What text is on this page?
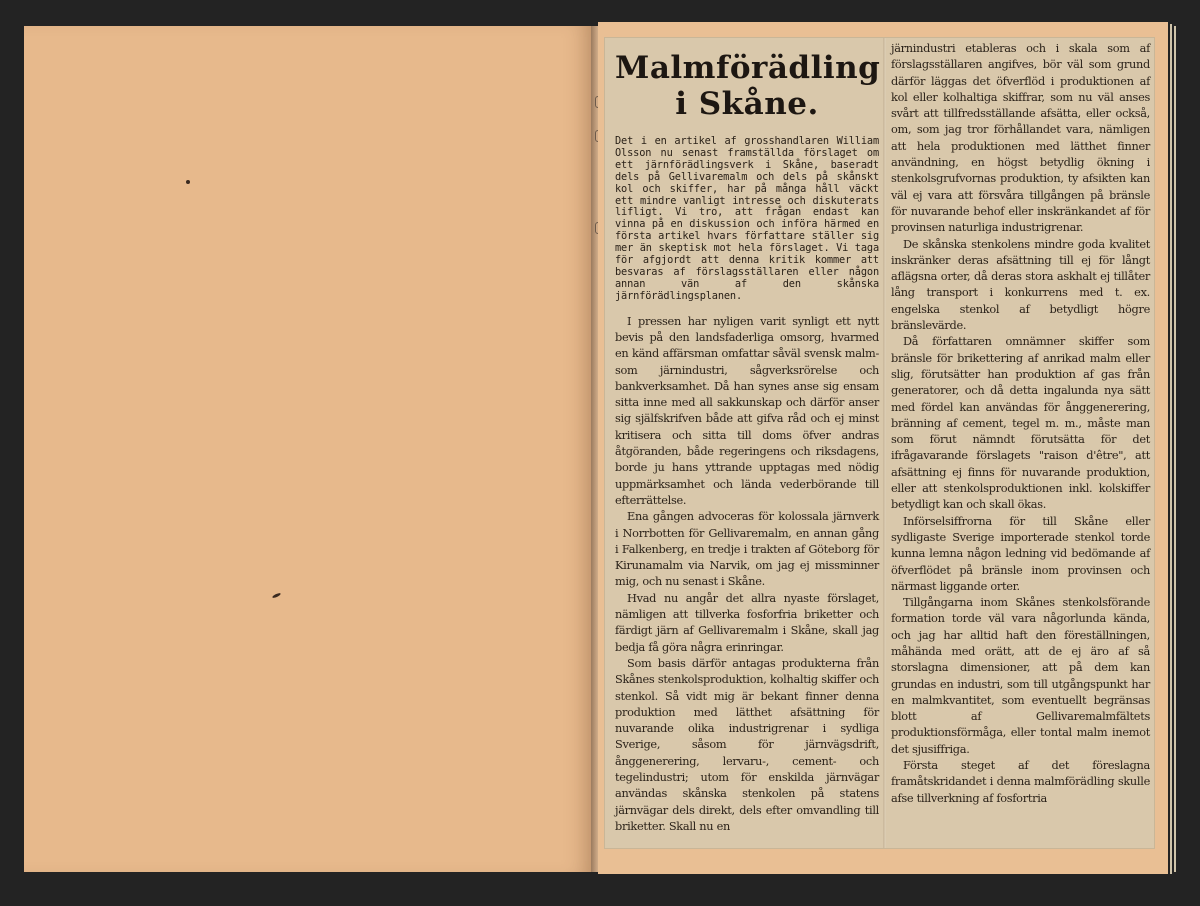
Malmförädling
i Skåne.

Det i en artikel af grosshandlaren William Olsson nu senast framställda förslaget om ett järnförädlingsverk i Skåne, baseradt dels på Gellivaremalm och dels på skånskt kol och skiffer, har på många håll väckt ett mindre vanligt intresse och diskuterats lifligt. Vi tro, att frågan endast kan vinna på en diskussion och införa härmed en första artikel hvars författare ställer sig mer än skeptisk mot hela förslaget. Vi taga för afgjordt att denna kritik kommer att besvaras af förslagsställaren eller någon annan vän af den skånska järnförädlingsplanen.

I pressen har nyligen varit synligt ett nytt bevis på den landsfaderliga omsorg, hvarmed en känd affärsman omfattar såväl svensk malm- som järnindustri, sågverksrörelse och bankverksamhet. Då han synes anse sig ensam sitta inne med all sakkunskap och därför anser sig själfskrifven både att gifva råd och ej minst kritisera och sitta till doms öfver andras åtgöranden, både regeringens och riksdagens, borde ju hans yttrande upptagas med nödig uppmärksamhet och lända vederbörande till efterrättelse.

Ena gången advoceras för kolossala järnverk i Norrbotten för Gellivaremalm, en annan gång i Falkenberg, en tredje i trakten af Göteborg för Kirunamalm via Narvik, om jag ej missminner mig, och nu senast i Skåne.

Hvad nu angår det allra nyaste förslaget, nämligen att tillverka fosforfria briketter och färdigt järn af Gellivaremalm i Skåne, skall jag bedja få göra några erinringar.

Som basis därför antagas produkterna från Skånes stenkolsproduktion, kolhaltig skiffer och stenkol. Så vidt mig är bekant finner denna produktion med lätthet afsättning för nuvarande olika industrigrenar i sydliga Sverige, såsom för järnvägsdrift, ånggenerering, lervaru-, cement- och tegelindustri; utom för enskilda järnvägar användas skånska stenkolen på statens järnvägar dels direkt, dels efter omvandling till briketter. Skall nu en

järnindustri etableras och i skala som af förslagsställaren angifves, bör väl som grund därför läggas det öfverflöd i produktionen af kol eller kolhaltiga skiffrar, som nu väl anses svårt att tillfredsställande afsätta, eller också, om, som jag tror förhållandet vara, nämligen att hela produktionen med lätthet finner användning, en högst betydlig ökning i stenkolsgrufvornas produktion, ty afsikten kan väl ej vara att försvåra tillgången på bränsle för nuvarande behof eller inskränkandet af för provinsen naturliga industrigrenar.

De skånska stenkolens mindre goda kvalitet inskränker deras afsättning till ej för långt aflägsna orter, då deras stora askhalt ej tillåter lång transport i konkurrens med t. ex. engelska stenkol af betydligt högre bränslevärde.

Då författaren omnämner skiffer som bränsle för brikettering af anrikad malm eller slig, förutsätter han produktion af gas från generatorer, och då detta ingalunda nya sätt med fördel kan användas för ånggenerering, bränning af cement, tegel m. m., måste man som förut nämndt förutsätta för det ifrågavarande förslagets "raison d'être", att afsättning ej finns för nuvarande produktion, eller att stenkolsproduktionen inkl. kolskiffer betydligt kan och skall ökas.

Införselsiffrorna för till Skåne eller sydligaste Sverige importerade stenkol torde kunna lemna någon ledning vid bedömande af öfverflödet på bränsle inom provinsen och närmast liggande orter.

Tillgångarna inom Skånes stenkolsförande formation torde väl vara någorlunda kända, och jag har alltid haft den föreställningen, måhända med orätt, att de ej äro af så storslagna dimensioner, att på dem kan grundas en industri, som till utgångspunkt har en malmkvantitet, som eventuellt begränsas blott af Gellivaremalmfältets produktionsförmåga, eller tontal malm inemot det sjusiffriga.

Första steget af det föreslagna framåtskridandet i denna malmförädling skulle afse tillverkning af fosfortria
